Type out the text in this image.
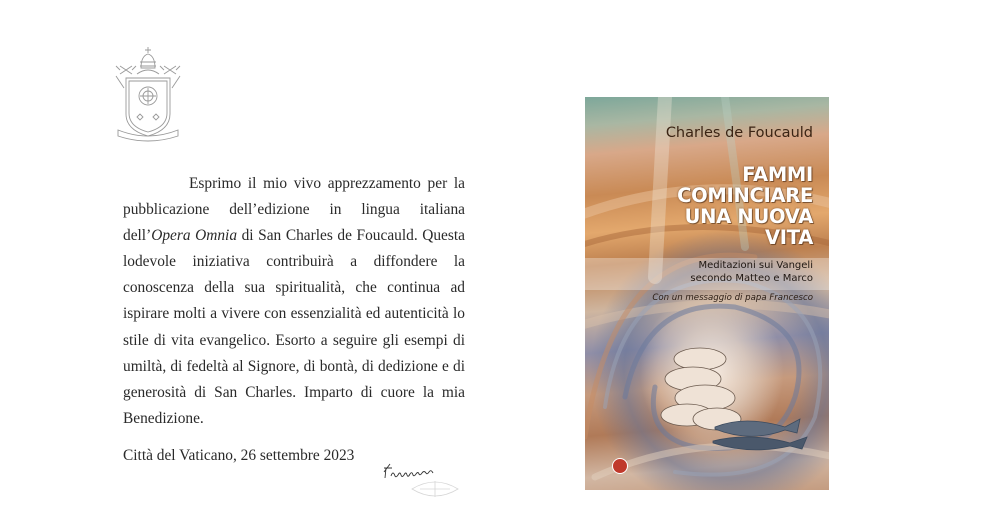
Esprimo il mio vivo apprezzamento per la pubblicazione dell’edizione in lingua italiana dell’Opera Omnia di San Charles de Foucauld. Questa lodevole iniziativa contribuirà a diffondere la conoscenza della sua spiritualità, che continua ad ispirare molti a vivere con essenzialità ed autenticità lo stile di vita evangelico. Esorto a seguire gli esempi di umiltà, di fedeltà al Signore, di bontà, di dedizione e di generosità di San Charles. Imparto di cuore la mia Benedizione.

Città del Vaticano, 26 settembre 2023

Charles de Foucauld
FAMMI
COMINCIARE
UNA NUOVA
VITA
Meditazioni sui Vangeli
secondo Matteo e Marco
Con un messaggio di papa Francesco
